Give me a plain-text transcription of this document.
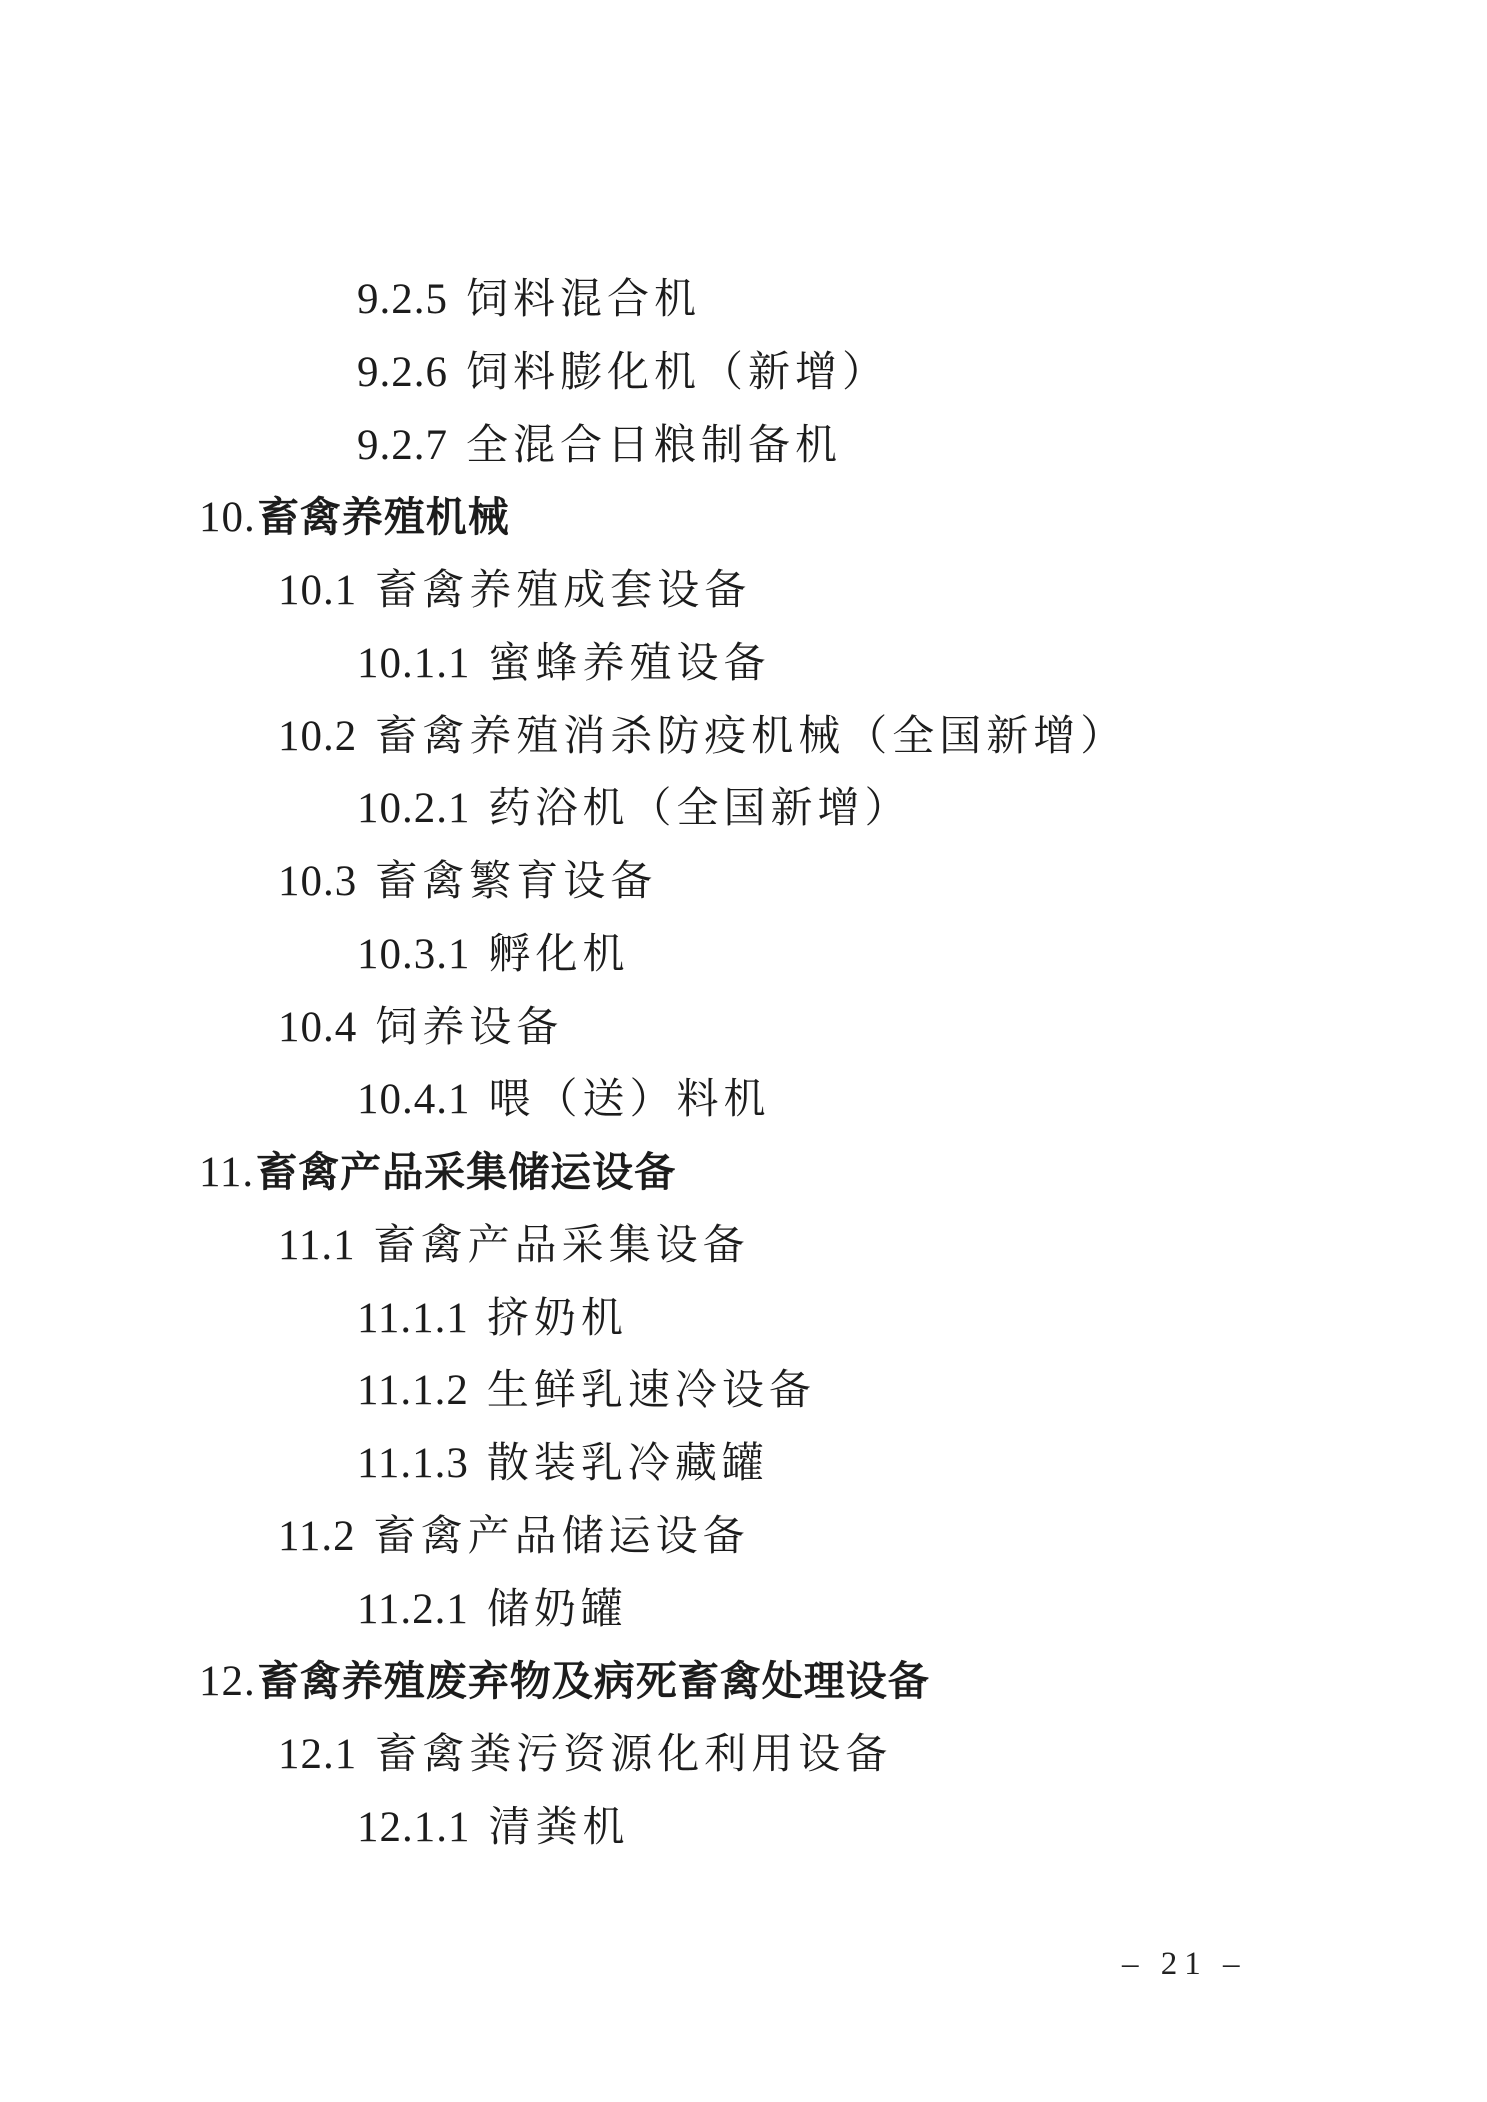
9.2.5 饲料混合机
9.2.6 饲料膨化机（新增）
9.2.7 全混合日粮制备机
10.畜禽养殖机械
10.1 畜禽养殖成套设备
10.1.1 蜜蜂养殖设备
10.2 畜禽养殖消杀防疫机械（全国新增）
10.2.1 药浴机（全国新增）
10.3 畜禽繁育设备
10.3.1 孵化机
10.4 饲养设备
10.4.1 喂（送）料机
11.畜禽产品采集储运设备
11.1 畜禽产品采集设备
11.1.1 挤奶机
11.1.2 生鲜乳速冷设备
11.1.3 散装乳冷藏罐
11.2 畜禽产品储运设备
11.2.1 储奶罐
12.畜禽养殖废弃物及病死畜禽处理设备
12.1 畜禽粪污资源化利用设备
12.1.1 清粪机
– 21 –
